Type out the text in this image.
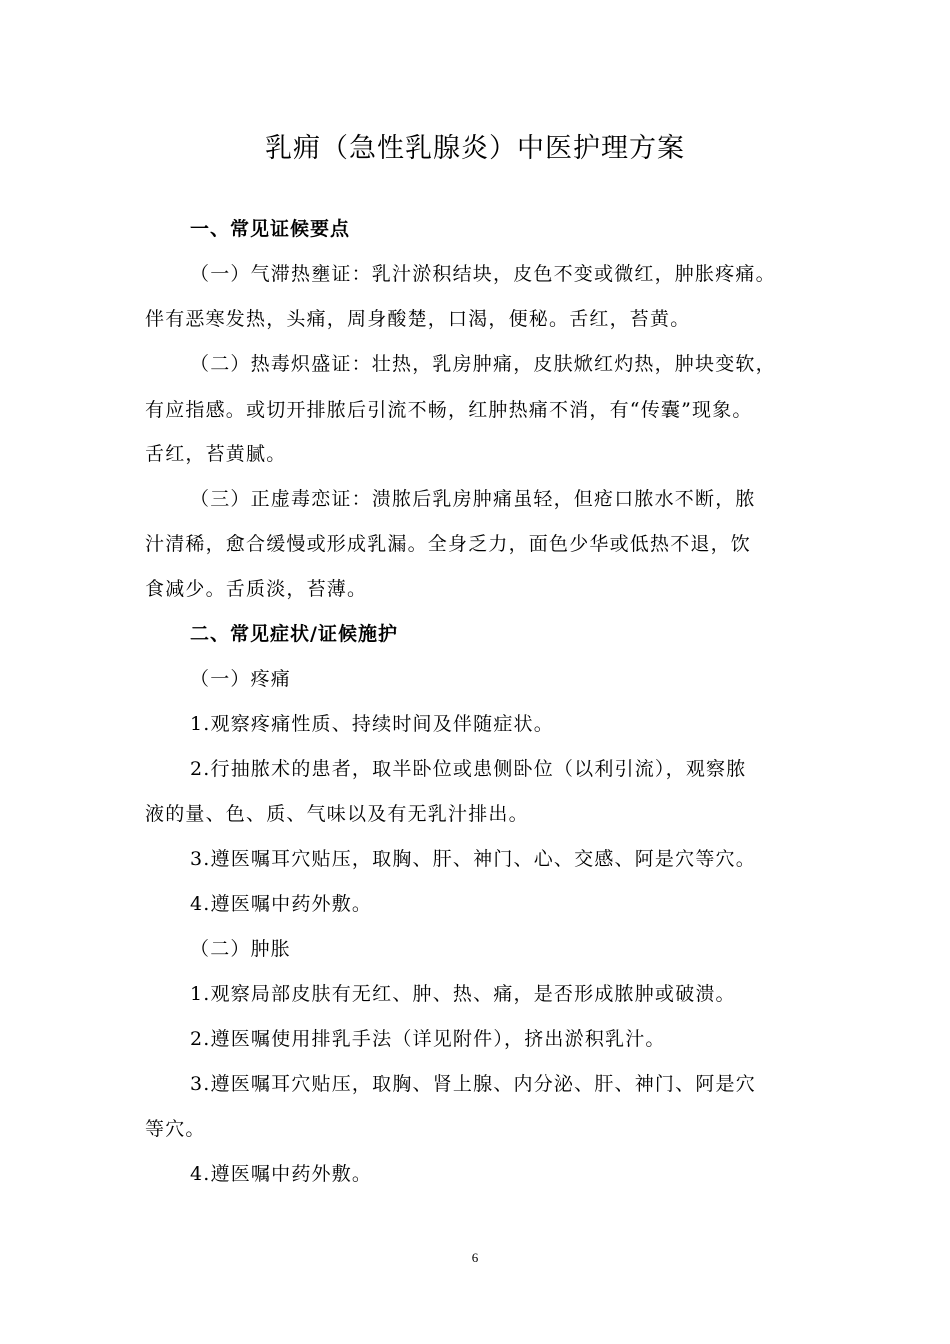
乳痈（急性乳腺炎）中医护理方案
一、常见证候要点
（一）气滞热壅证：乳汁淤积结块，皮色不变或微红，肿胀疼痛。
伴有恶寒发热，头痛，周身酸楚，口渴，便秘。舌红，苔黄。
（二）热毒炽盛证：壮热，乳房肿痛，皮肤焮红灼热，肿块变软，
有应指感。或切开排脓后引流不畅，红肿热痛不消，有“传囊”现象。
舌红，苔黄腻。
（三）正虚毒恋证：溃脓后乳房肿痛虽轻，但疮口脓水不断，脓
汁清稀，愈合缓慢或形成乳漏。全身乏力，面色少华或低热不退，饮
食减少。舌质淡，苔薄。
二、常见症状/证候施护
（一）疼痛
1.观察疼痛性质、持续时间及伴随症状。
2.行抽脓术的患者，取半卧位或患侧卧位（以利引流），观察脓
液的量、色、质、气味以及有无乳汁排出。
3.遵医嘱耳穴贴压，取胸、肝、神门、心、交感、阿是穴等穴。
4.遵医嘱中药外敷。
（二）肿胀
1.观察局部皮肤有无红、肿、热、痛，是否形成脓肿或破溃。
2.遵医嘱使用排乳手法（详见附件），挤出淤积乳汁。
3.遵医嘱耳穴贴压，取胸、肾上腺、内分泌、肝、神门、阿是穴
等穴。
4.遵医嘱中药外敷。
6
